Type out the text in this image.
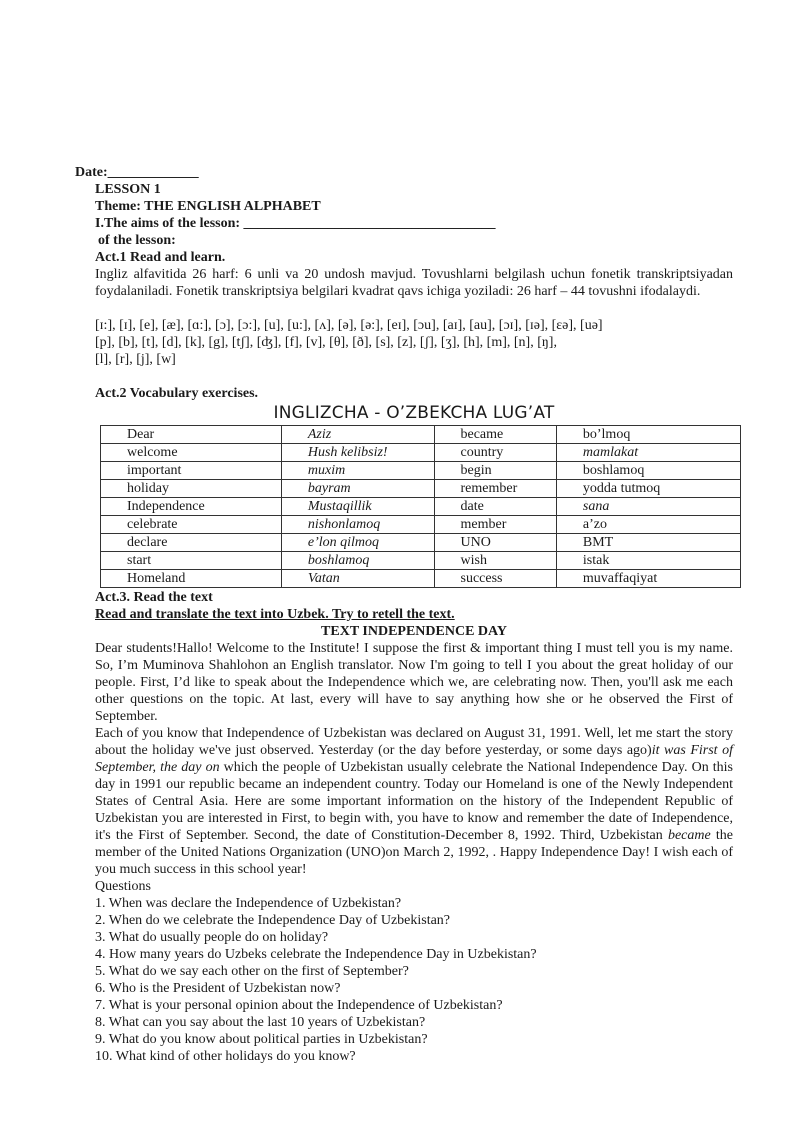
Date:_____________
LESSON 1
Theme: THE ENGLISH ALPHABET
I.The aims of the lesson: ____________________________________
of the lesson:
Act.1 Read and learn.
Ingliz alfavitida 26 harf: 6 unli va 20 undosh mavjud. Tovushlarni belgilash uchun fonetik transkriptsiyadan foydalaniladi. Fonetik transkriptsiya belgilari kvadrat qavs ichiga yoziladi: 26 harf – 44 tovushni ifodalaydi.
[ɪ:], [ɪ], [e], [æ], [ɑ:], [ɔ], [ɔ:], [u], [u:], [ʌ], [ə], [ə:], [eɪ], [ɔu], [aɪ], [au], [ɔɪ], [ɪə], [ɛə], [uə]
[p], [b], [t], [d], [k], [g], [tʃ], [ʤ], [f], [v], [θ], [ð], [s], [z], [ʃ], [ʒ], [h], [m], [n], [ŋ],
[l], [r], [j], [w]
Act.2 Vocabulary exercises.
INGLIZCHA - O’ZBEKCHA LUG’AT
Dear	Aziz	became	bo’lmoq
welcome	Hush kelibsiz!	country	mamlakat
important	muxim	begin	boshlamoq
holiday	bayram	remember	yodda tutmoq
Independence	Mustaqillik	date	sana
celebrate	nishonlamoq	member	a’zo
declare	e’lon qilmoq	UNO	BMT
start	boshlamoq	wish	istak
Homeland	Vatan	success	muvaffaqiyat
Act.3. Read the text
Read and translate the text into Uzbek. Try to retell the text.
TEXT INDEPENDENCE DAY
Dear students!Hallo! Welcome to the Institute! I suppose the first & important thing I must tell you is my name. So, I’m Muminova Shahlohon an English translator. Now I'm going to tell I you about the great holiday of our people. First, I’d like to speak about the Independence which we, are celebrating now. Then, you'll ask me each other questions on the topic. At last, every will have to say anything how she or he observed the First of September.
Each of you know that Independence of Uzbekistan was declared on August 31, 1991. Well, let me start the story about the holiday we've just observed. Yesterday (or the day before yesterday, or some days ago)it was First of September, the day on which the people of Uzbekistan usually celebrate the National Independence Day. On this day in 1991 our republic became an independent country. Today our Homeland is one of the Newly Independent States of Central Asia. Here are some important information on the history of the Independent Republic of Uzbekistan you are interested in First, to begin with, you have to know and remember the date of Independence, it's the First of September. Second, the date of Constitution-December 8, 1992. Third, Uzbekistan became the member of the United Nations Organization (UNO)on March 2, 1992, . Happy Independence Day! I wish each of you much success in this school year!
Questions
1. When was declare the Independence of Uzbekistan?
2. When do we celebrate the Independence Day of Uzbekistan?
3. What do usually people do on holiday?
4. How many years do Uzbeks celebrate the Independence Day in Uzbekistan?
5. What do we say each other on the first of September?
6. Who is the President of Uzbekistan now?
7. What is your personal opinion about the Independence of Uzbekistan?
8. What can you say about the last 10 years of Uzbekistan?
9. What do you know about political parties in Uzbekistan?
10. What kind of other holidays do you know?
